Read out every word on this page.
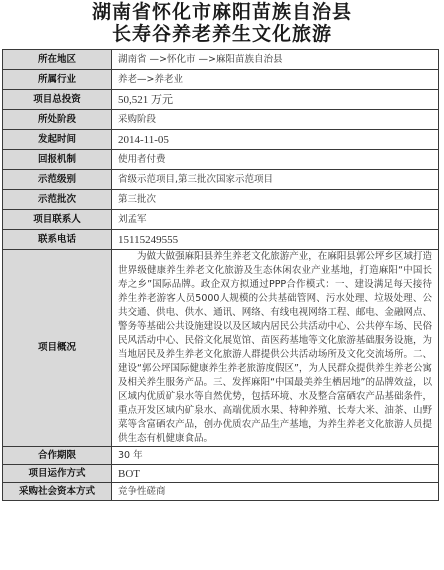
湖南省怀化市麻阳苗族自治县
长寿谷养老养生文化旅游
所在地区	湖南省 —>怀化市 —>麻阳苗族自治县
所属行业	养老—>养老业
项目总投资	50,521 万元
所处阶段	采购阶段
发起时间	2014-11-05
回报机制	使用者付费
示范级别	省级示范项目,第三批次国家示范项目
示范批次	第三批次
项目联系人	刘孟军
联系电话	15115249555
项目概况	为做大做强麻阳县养生养老文化旅游产业，在麻阳县郭公坪乡区域打造世界级健康养生养老文化旅游及生态休闲农业产业基地，打造麻阳“中国长寿之乡”国际品牌。政企双方拟通过PPP合作模式：一、建设满足每天接待养生养老游客人员5000人规模的公共基础管网、污水处理、垃圾处理、公共交通、供电、供水、通讯、网络、有线电视网络工程、邮电、金融网点、警务等基础公共设施建设以及区域内居民公共活动中心、公共停车场、民俗民风活动中心、民俗文化展览馆、苗医药基地等文化旅游基础服务设施，为当地居民及养生养老文化旅游人群提供公共活动场所及文化交流场所。二、建设“郭公坪国际健康养生养老旅游度假区”，为人民群众提供养生养老公寓及相关养生服务产品。三、发挥麻阳“中国最美养生栖居地”的品牌效益，以区域内优质矿泉水等自然优势，包括环境、水及整合富硒农产品基础条件，重点开发区域内矿泉水、高端优质水果、特种养殖、长寿大米、油茶、山野菜等含富硒农产品，创办优质农产品生产基地，为养生养老文化旅游人员提供生态有机健康食品。
合作期限	30 年
项目运作方式	BOT
采购社会资本方式	竞争性磋商
